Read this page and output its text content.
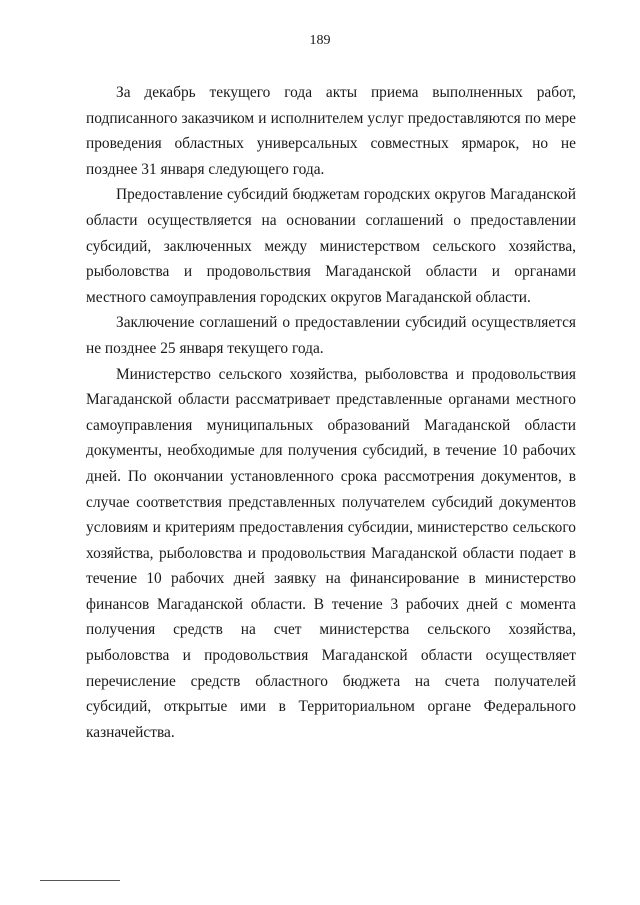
189

За декабрь текущего года акты приема выполненных работ, подписанного заказчиком и исполнителем услуг предоставляются по мере проведения областных универсальных совместных ярмарок, но не позднее 31 января следующего года.

Предоставление субсидий бюджетам городских округов Магаданской области осуществляется на основании соглашений о предоставлении субсидий, заключенных между министерством сельского хозяйства, рыболовства и продовольствия Магаданской области и органами местного самоуправления городских округов Магаданской области.

Заключение соглашений о предоставлении субсидий осуществляется не позднее 25 января текущего года.

Министерство сельского хозяйства, рыболовства и продовольствия Магаданской области рассматривает представленные органами местного самоуправления муниципальных образований Магаданской области документы, необходимые для получения субсидий, в течение 10 рабочих дней. По окончании установленного срока рассмотрения документов, в случае соответствия представленных получателем субсидий документов условиям и критериям предоставления субсидии, министерство сельского хозяйства, рыболовства и продовольствия Магаданской области подает в течение 10 рабочих дней заявку на финансирование в министерство финансов Магаданской области. В течение 3 рабочих дней с момента получения средств на счет министерства сельского хозяйства, рыболовства и продовольствия Магаданской области осуществляет перечисление средств областного бюджета на счета получателей субсидий, открытые ими в Территориальном органе Федерального казначейства.
